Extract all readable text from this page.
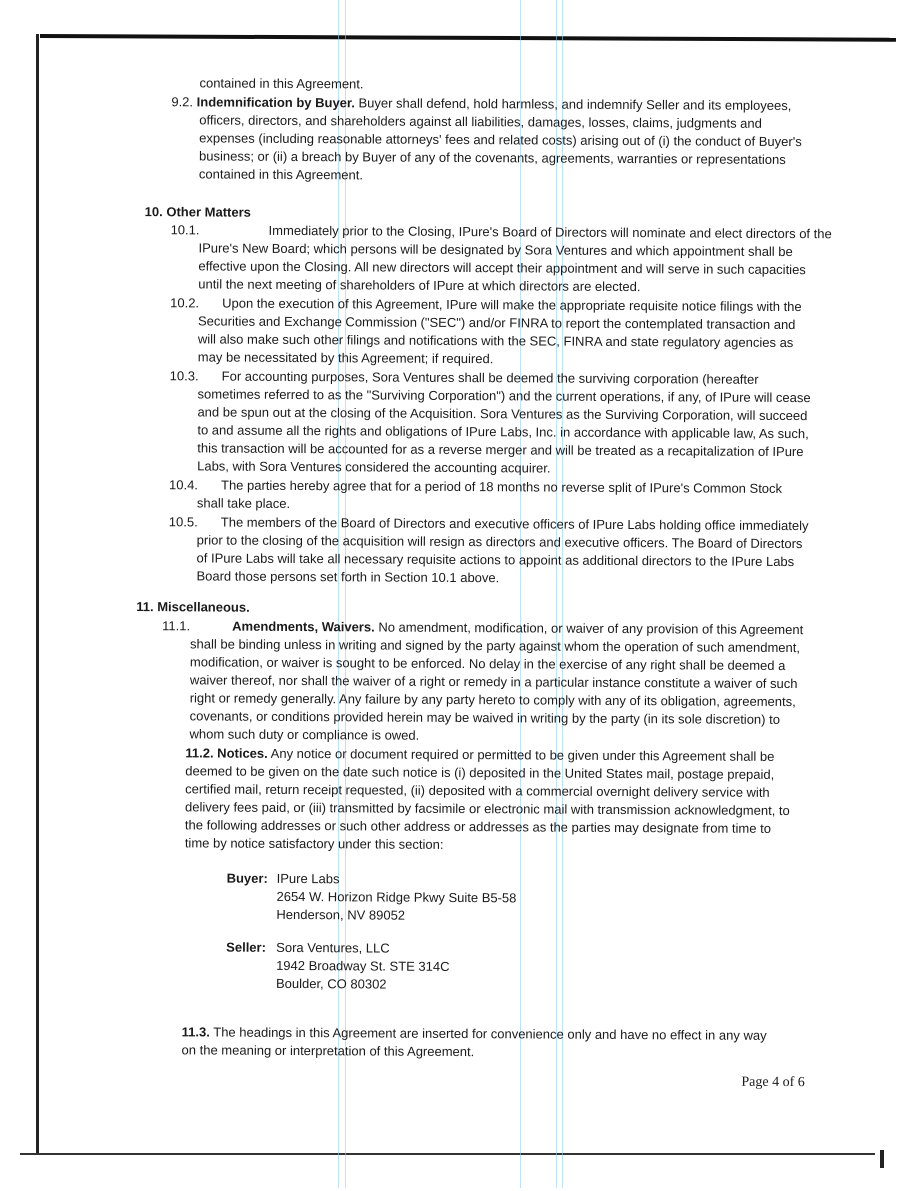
contained in this Agreement.
9.2. Indemnification by Buyer. Buyer shall defend, hold harmless, and indemnify Seller and its employees,
officers, directors, and shareholders against all liabilities, damages, losses, claims, judgments and
expenses (including reasonable attorneys' fees and related costs) arising out of (i) the conduct of Buyer's
business; or (ii) a breach by Buyer of any of the covenants, agreements, warranties or representations
contained in this Agreement.
10. Other Matters
10.1.	Immediately prior to the Closing, IPure's Board of Directors will nominate and elect directors of the
IPure's New Board; which persons will be designated by Sora Ventures and which appointment shall be
effective upon the Closing. All new directors will accept their appointment and will serve in such capacities
until the next meeting of shareholders of IPure at which directors are elected.
10.2. Upon the execution of this Agreement, IPure will make the appropriate requisite notice filings with the
Securities and Exchange Commission ("SEC") and/or FINRA to report the contemplated transaction and
will also make such other filings and notifications with the SEC, FINRA and state regulatory agencies as
may be necessitated by this Agreement; if required.
10.3. For accounting purposes, Sora Ventures shall be deemed the surviving corporation (hereafter
sometimes referred to as the "Surviving Corporation") and the current operations, if any, of IPure will cease
and be spun out at the closing of the Acquisition. Sora Ventures as the Surviving Corporation, will succeed
to and assume all the rights and obligations of IPure Labs, Inc. in accordance with applicable law, As such,
this transaction will be accounted for as a reverse merger and will be treated as a recapitalization of IPure
Labs, with Sora Ventures considered the accounting acquirer.
10.4. The parties hereby agree that for a period of 18 months no reverse split of IPure's Common Stock
shall take place.
10.5. The members of the Board of Directors and executive officers of IPure Labs holding office immediately
prior to the closing of the acquisition will resign as directors and executive officers. The Board of Directors
of IPure Labs will take all necessary requisite actions to appoint as additional directors to the IPure Labs
Board those persons set forth in Section 10.1 above.
11. Miscellaneous.
11.1.	Amendments, Waivers. No amendment, modification, or waiver of any provision of this Agreement
shall be binding unless in writing and signed by the party against whom the operation of such amendment,
modification, or waiver is sought to be enforced. No delay in the exercise of any right shall be deemed a
waiver thereof, nor shall the waiver of a right or remedy in a particular instance constitute a waiver of such
right or remedy generally. Any failure by any party hereto to comply with any of its obligation, agreements,
covenants, or conditions provided herein may be waived in writing by the party (in its sole discretion) to
whom such duty or compliance is owed.
11.2. Notices. Any notice or document required or permitted to be given under this Agreement shall be
deemed to be given on the date such notice is (i) deposited in the United States mail, postage prepaid,
certified mail, return receipt requested, (ii) deposited with a commercial overnight delivery service with
delivery fees paid, or (iii) transmitted by facsimile or electronic mail with transmission acknowledgment, to
the following addresses or such other address or addresses as the parties may designate from time to
time by notice satisfactory under this section:
Buyer: IPure Labs
2654 W. Horizon Ridge Pkwy Suite B5-58
Henderson, NV 89052
Seller: Sora Ventures, LLC
1942 Broadway St. STE 314C
Boulder, CO 80302
11.3. The headings in this Agreement are inserted for convenience only and have no effect in any way
on the meaning or interpretation of this Agreement.
Page 4 of 6
